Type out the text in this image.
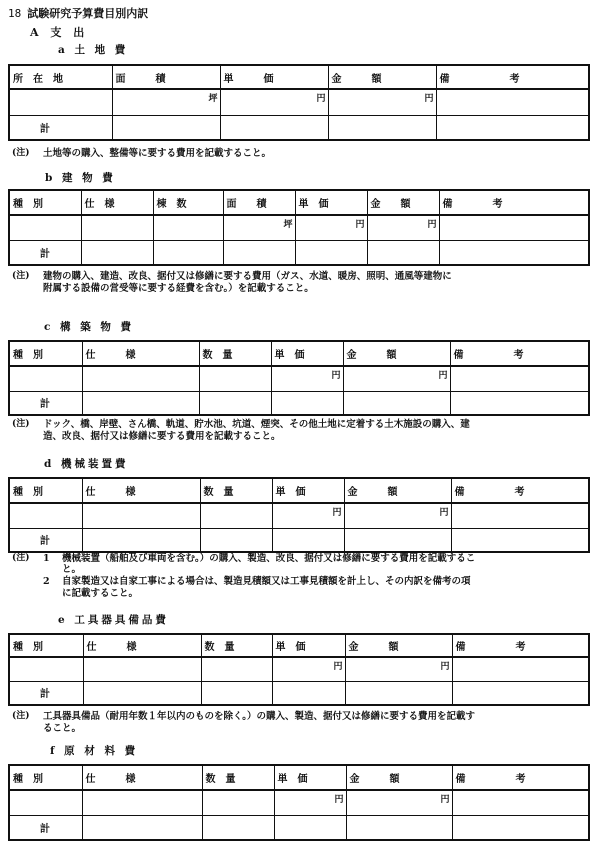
18 試験研究予算費目別内訳
A 支 出
a 土 地 費
所　在　地	面　　　積	単　　　価	金　　　額	備　　　　　　考

	坪	円	円	

計				
(注) 土地等の購入、整備等に要する費用を記載すること。
b 建 物 費
種　別	仕　様	棟　数	面　　積	単　価	金　　額	備　　　　考

			坪	円	円	

計						
(注) 建物の購入、建造、改良、据付又は修繕に要する費用（ガス、水道、暖房、照明、通風等建物に
附属する設備の営受等に要する経費を含む。）を記載すること。
c 構 築 物 費
種　別	仕　　　様	数　量	単　価	金　　　額	備　　　　　考

			円	円	

計					
(注) ドック、橋、岸壁、さん橋、軌道、貯水池、坑道、煙突、その他土地に定着する土木施設の購入、建
造、改良、据付又は修繕に要する費用を記載すること。
d 機械装置費
種　別	仕　　　様	数　量	単　価	金　　　額	備　　　　　考

			円	円	

計					
(注) 1 機械装置（船舶及び車両を含む。）の購入、製造、改良、据付又は修繕に要する費用を記載するこ
と。
2 自家製造又は自家工事による場合は、製造見積額又は工事見積額を計上し、その内訳を備考の項
に記載すること。
e 工具器具備品費
種　別	仕　　　様	数　量	単　価	金　　　額	備　　　　　考

			円	円	

計					
(注) 工具器具備品（耐用年数１年以内のものを除く。）の購入、製造、据付又は修繕に要する費用を記載す
ること。
f 原 材 料 費
種　別	仕　　　様	数　量	単　価	金　　　額	備　　　　　考

			円	円	

計					
